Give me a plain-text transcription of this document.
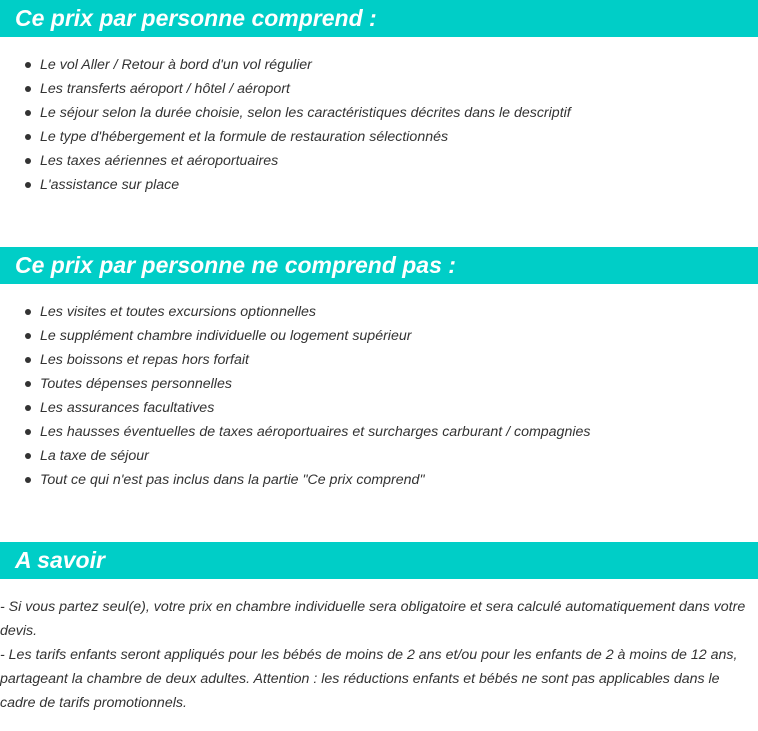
Ce prix par personne comprend :
Le vol Aller / Retour à bord d'un vol régulier
Les transferts aéroport / hôtel / aéroport
Le séjour selon la durée choisie, selon les caractéristiques décrites dans le descriptif
Le type d'hébergement et la formule de restauration sélectionnés
Les taxes aériennes et aéroportuaires
L'assistance sur place
Ce prix par personne ne comprend pas :
Les visites et toutes excursions optionnelles
Le supplément chambre individuelle ou logement supérieur
Les boissons et repas hors forfait
Toutes dépenses personnelles
Les assurances facultatives
Les hausses éventuelles de taxes aéroportuaires et surcharges carburant / compagnies
La taxe de séjour
Tout ce qui n'est pas inclus dans la partie "Ce prix comprend"
A savoir

- Si vous partez seul(e), votre prix en chambre individuelle sera obligatoire et sera calculé automatiquement dans votre devis.

- Les tarifs enfants seront appliqués pour les bébés de moins de 2 ans et/ou pour les enfants de 2 à moins de 12 ans, partageant la chambre de deux adultes. Attention : les réductions enfants et bébés ne sont pas applicables dans le cadre de tarifs promotionnels.
